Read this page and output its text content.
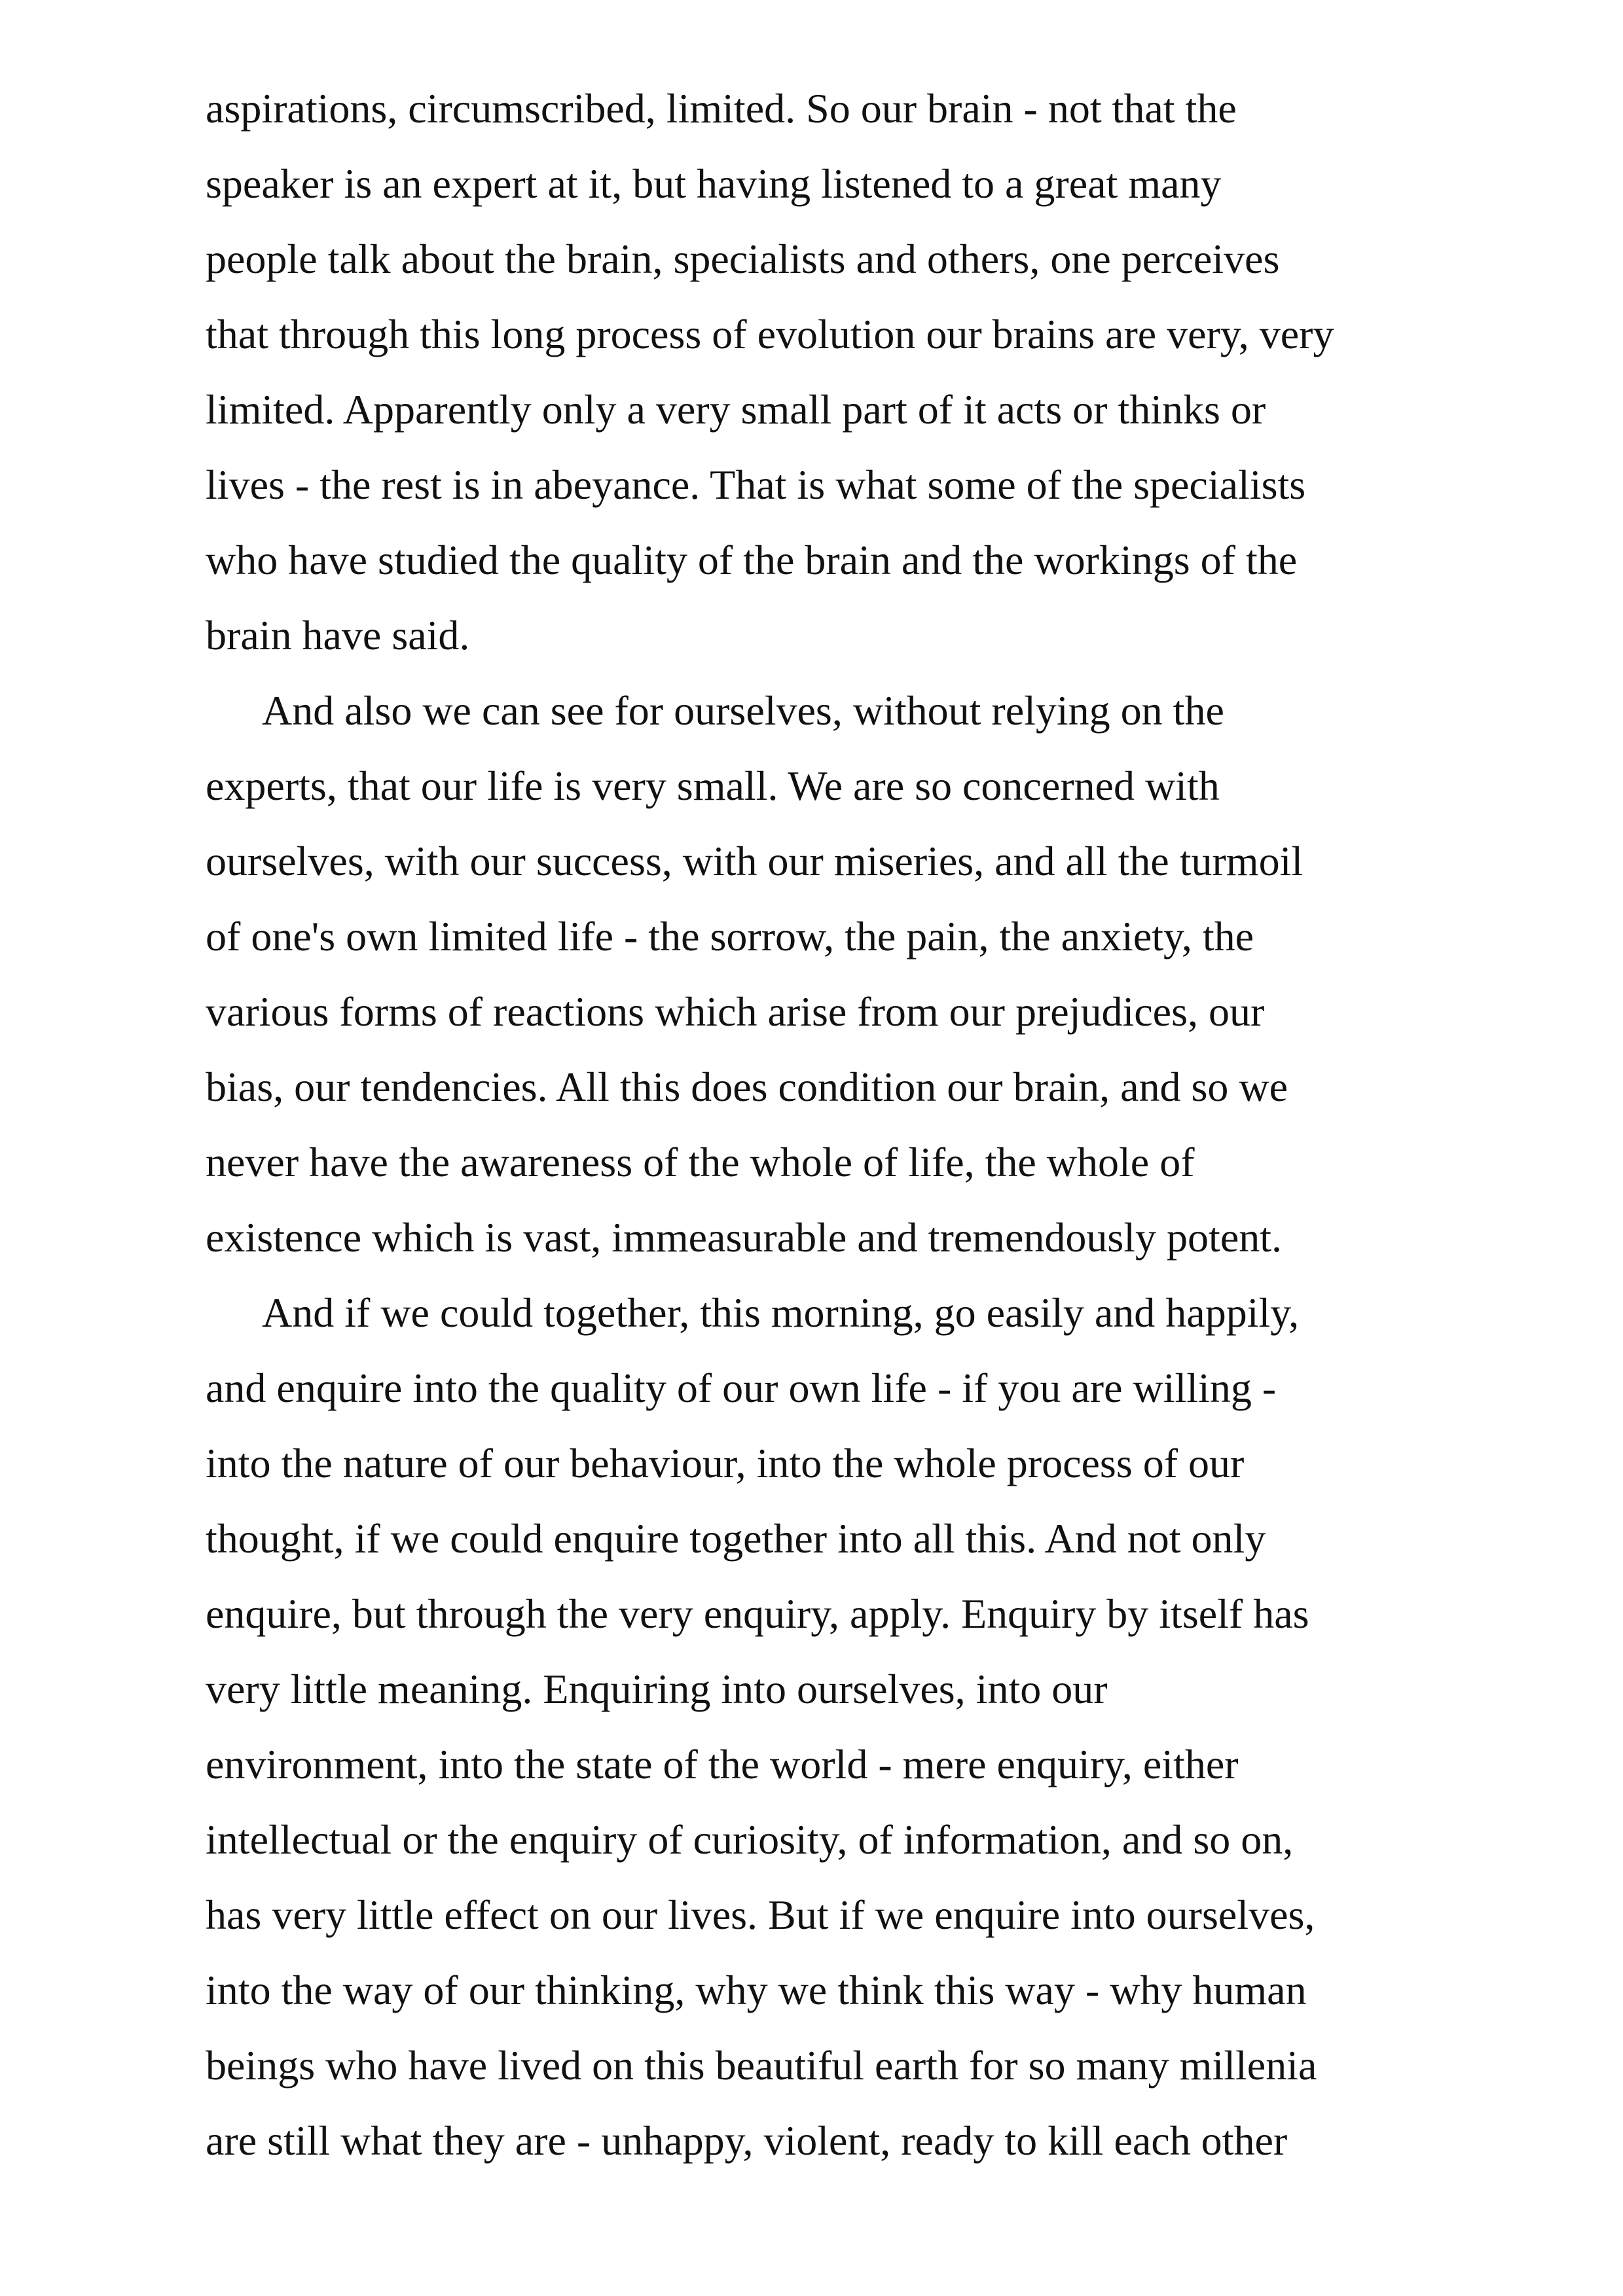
aspirations, circumscribed, limited. So our brain - not that the
speaker is an expert at it, but having listened to a great many
people talk about the brain, specialists and others, one perceives
that through this long process of evolution our brains are very, very
limited. Apparently only a very small part of it acts or thinks or
lives - the rest is in abeyance. That is what some of the specialists
who have studied the quality of the brain and the workings of the
brain have said.
And also we can see for ourselves, without relying on the
experts, that our life is very small. We are so concerned with
ourselves, with our success, with our miseries, and all the turmoil
of one's own limited life - the sorrow, the pain, the anxiety, the
various forms of reactions which arise from our prejudices, our
bias, our tendencies. All this does condition our brain, and so we
never have the awareness of the whole of life, the whole of
existence which is vast, immeasurable and tremendously potent.
And if we could together, this morning, go easily and happily,
and enquire into the quality of our own life - if you are willing -
into the nature of our behaviour, into the whole process of our
thought, if we could enquire together into all this. And not only
enquire, but through the very enquiry, apply. Enquiry by itself has
very little meaning. Enquiring into ourselves, into our
environment, into the state of the world - mere enquiry, either
intellectual or the enquiry of curiosity, of information, and so on,
has very little effect on our lives. But if we enquire into ourselves,
into the way of our thinking, why we think this way - why human
beings who have lived on this beautiful earth for so many millenia
are still what they are - unhappy, violent, ready to kill each other
